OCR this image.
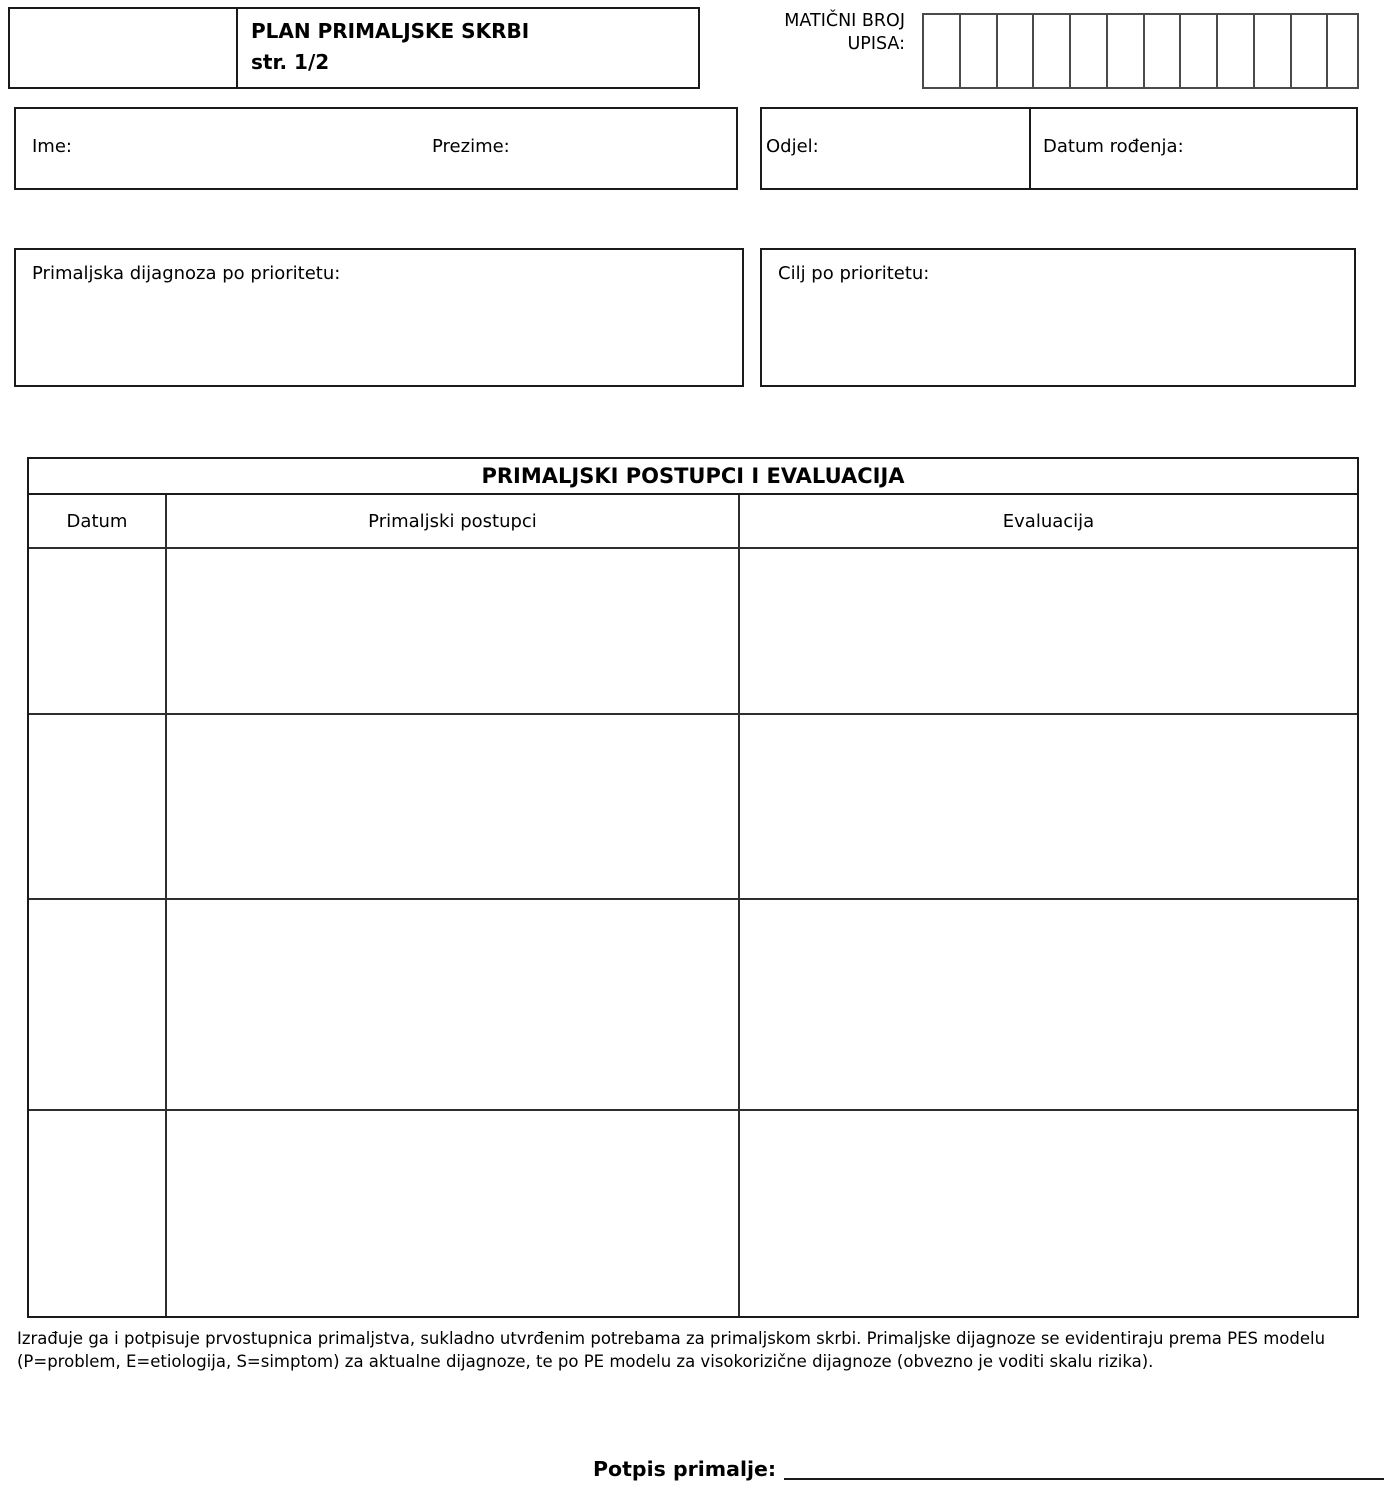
PLAN PRIMALJSKE SKRBI
str. 1/2
MATIČNI BROJ
UPISA:
Ime:	Prezime:	Odjel:	Datum rođenja:
Primaljska dijagnoza po prioritetu:	Cilj po prioritetu:
PRIMALJSKI POSTUPCI I EVALUACIJA
Datum	Primaljski postupci	Evaluacija
Izrađuje ga i potpisuje prvostupnica primaljstva, sukladno utvrđenim potrebama za primaljskom skrbi. Primaljske dijagnoze se evidentiraju prema PES modelu
(P=problem, E=etiologija, S=simptom) za aktualne dijagnoze, te po PE modelu za visokorizične dijagnoze (obvezno je voditi skalu rizika).
Potpis primalje:
